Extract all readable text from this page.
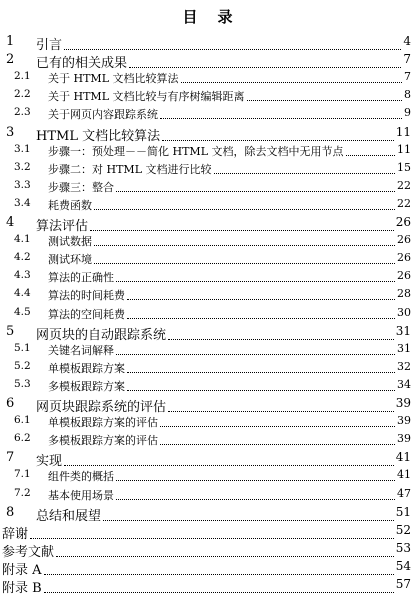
目 录
1 引言	4
2 已有的相关成果	7
2.1 关于 HTML 文档比较算法	7
2.2 关于 HTML 文档比较与有序树编辑距离	8
2.3 关于网页内容跟踪系统	9
3 HTML 文档比较算法	11
3.1 步骤一：预处理－－简化 HTML 文档，除去文档中无用节点	11
3.2 步骤二：对 HTML 文档进行比较	15
3.3 步骤三：整合	22
3.4 耗费函数	22
4 算法评估	26
4.1 测试数据	26
4.2 测试环境	26
4.3 算法的正确性	26
4.4 算法的时间耗费	28
4.5 算法的空间耗费	30
5 网页块的自动跟踪系统	31
5.1 关键名词解释	31
5.2 单模板跟踪方案	32
5.3 多模板跟踪方案	34
6 网页块跟踪系统的评估	39
6.1 单模板跟踪方案的评估	39
6.2 多模板跟踪方案的评估	39
7 实现	41
7.1 组件类的概括	41
7.2 基本使用场景	47
8 总结和展望	51
辞谢	52
参考文献	53
附录 A	54
附录 B	57
